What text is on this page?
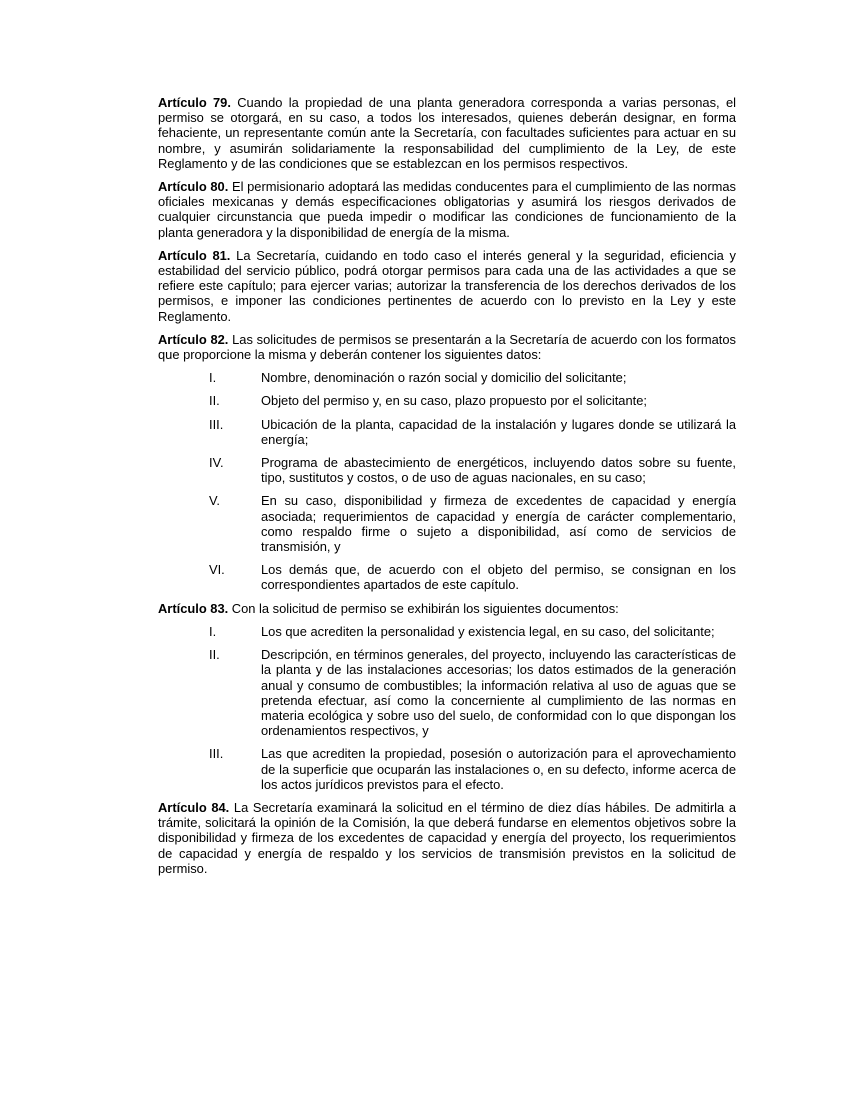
Artículo 79. Cuando la propiedad de una planta generadora corresponda a varias personas, el permiso se otorgará, en su caso, a todos los interesados, quienes deberán designar, en forma fehaciente, un representante común ante la Secretaría, con facultades suficientes para actuar en su nombre, y asumirán solidariamente la responsabilidad del cumplimiento de la Ley, de este Reglamento y de las condiciones que se establezcan en los permisos respectivos.

Artículo 80. El permisionario adoptará las medidas conducentes para el cumplimiento de las normas oficiales mexicanas y demás especificaciones obligatorias y asumirá los riesgos derivados de cualquier circunstancia que pueda impedir o modificar las condiciones de funcionamiento de la planta generadora y la disponibilidad de energía de la misma.

Artículo 81. La Secretaría, cuidando en todo caso el interés general y la seguridad, eficiencia y estabilidad del servicio público, podrá otorgar permisos para cada una de las actividades a que se refiere este capítulo; para ejercer varias; autorizar la transferencia de los derechos derivados de los permisos, e imponer las condiciones pertinentes de acuerdo con lo previsto en la Ley y este Reglamento.

Artículo 82. Las solicitudes de permisos se presentarán a la Secretaría de acuerdo con los formatos que proporcione la misma y deberán contener los siguientes datos:

I.	Nombre, denominación o razón social y domicilio del solicitante;
II.	Objeto del permiso y, en su caso, plazo propuesto por el solicitante;
III.	Ubicación de la planta, capacidad de la instalación y lugares donde se utilizará la energía;
IV.	Programa de abastecimiento de energéticos, incluyendo datos sobre su fuente, tipo, sustitutos y costos, o de uso de aguas nacionales, en su caso;
V.	En su caso, disponibilidad y firmeza de excedentes de capacidad y energía asociada; requerimientos de capacidad y energía de carácter complementario, como respaldo firme o sujeto a disponibilidad, así como de servicios de transmisión, y
VI.	Los demás que, de acuerdo con el objeto del permiso, se consignan en los correspondientes apartados de este capítulo.

Artículo 83. Con la solicitud de permiso se exhibirán los siguientes documentos:

I.	Los que acrediten la personalidad y existencia legal, en su caso, del solicitante;
II.	Descripción, en términos generales, del proyecto, incluyendo las características de la planta y de las instalaciones accesorias; los datos estimados de la generación anual y consumo de combustibles; la información relativa al uso de aguas que se pretenda efectuar, así como la concerniente al cumplimiento de las normas en materia ecológica y sobre uso del suelo, de conformidad con lo que dispongan los ordenamientos respectivos, y
III.	Las que acrediten la propiedad, posesión o autorización para el aprovechamiento de la superficie que ocuparán las instalaciones o, en su defecto, informe acerca de los actos jurídicos previstos para el efecto.

Artículo 84. La Secretaría examinará la solicitud en el término de diez días hábiles. De admitirla a trámite, solicitará la opinión de la Comisión, la que deberá fundarse en elementos objetivos sobre la disponibilidad y firmeza de los excedentes de capacidad y energía del proyecto, los requerimientos de capacidad y energía de respaldo y los servicios de transmisión previstos en la solicitud de permiso.
